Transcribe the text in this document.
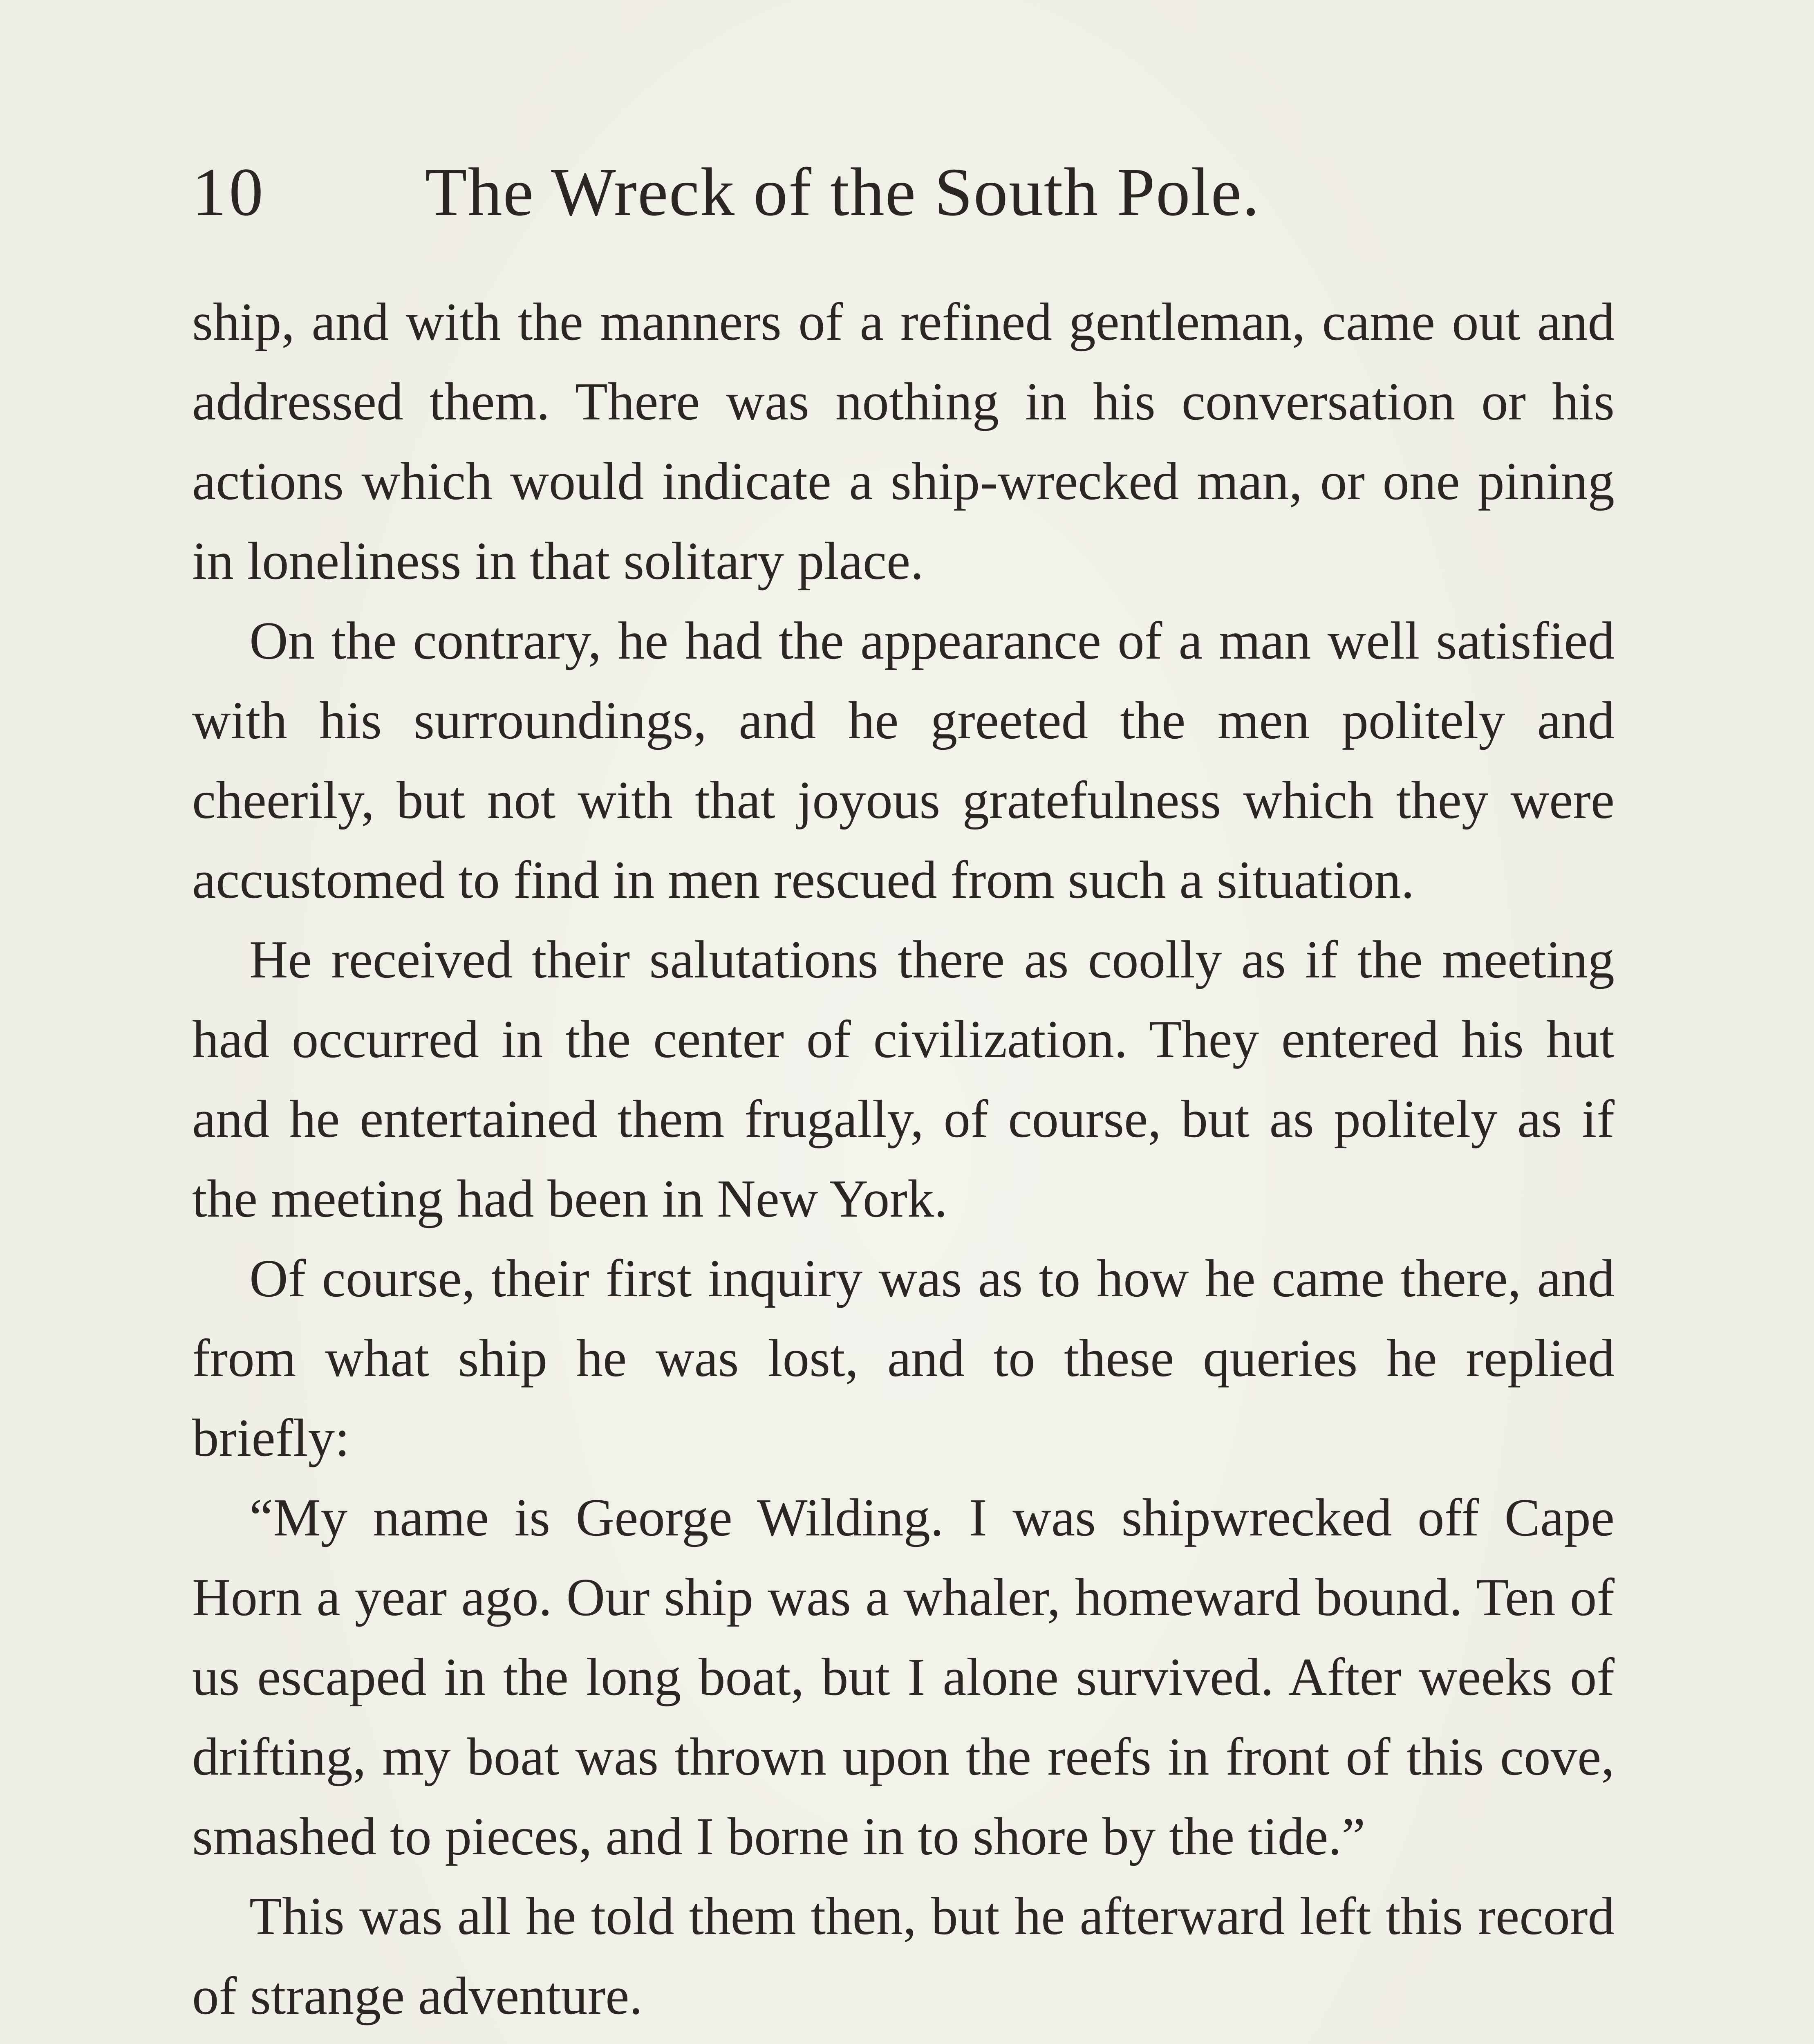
10 The Wreck of the South Pole.

ship, and with the manners of a refined gentleman, came out and addressed them. There was nothing in his conversation or his actions which would indicate a ship-wrecked man, or one pining in loneliness in that solitary place.

On the contrary, he had the appearance of a man well satisfied with his surroundings, and he greeted the men politely and cheerily, but not with that joyous gratefulness which they were accustomed to find in men rescued from such a situation.

He received their salutations there as coolly as if the meeting had occurred in the center of civilization. They entered his hut and he entertained them frugally, of course, but as politely as if the meeting had been in New York.

Of course, their first inquiry was as to how he came there, and from what ship he was lost, and to these queries he replied briefly:

“My name is George Wilding. I was shipwrecked off Cape Horn a year ago. Our ship was a whaler, homeward bound. Ten of us escaped in the long boat, but I alone survived. After weeks of drifting, my boat was thrown upon the reefs in front of this cove, smashed to pieces, and I borne in to shore by the tide.”

This was all he told them then, but he afterward left this record of strange adventure.
